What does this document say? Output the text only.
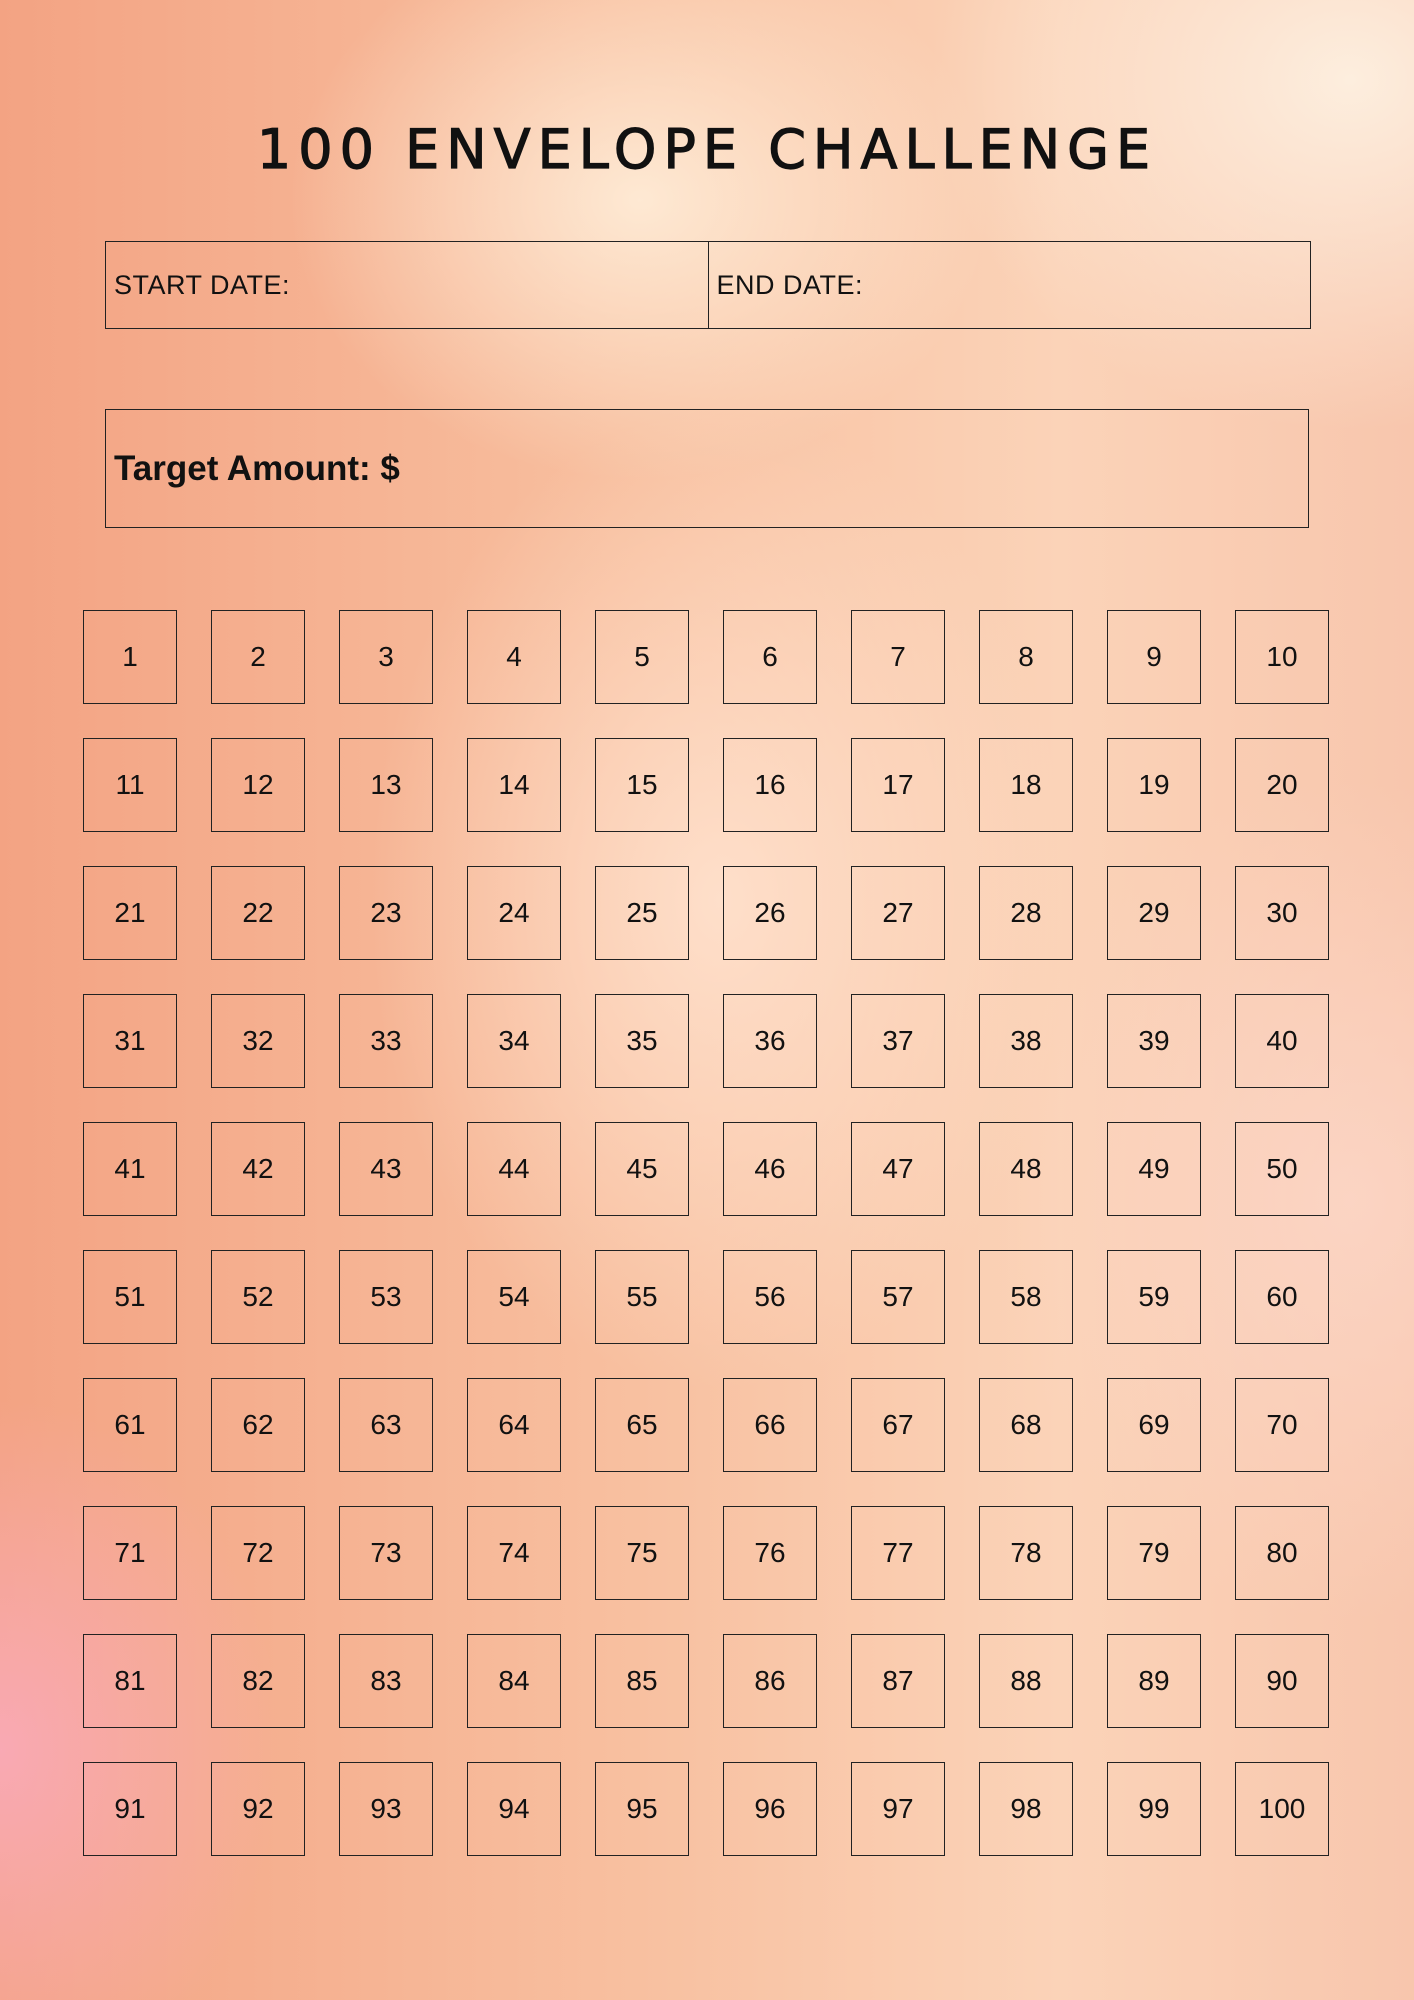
100 ENVELOPE CHALLENGE
START DATE:	END DATE:
Target Amount: $
1	2	3	4	5	6	7	8	9	10
11	12	13	14	15	16	17	18	19	20
21	22	23	24	25	26	27	28	29	30
31	32	33	34	35	36	37	38	39	40
41	42	43	44	45	46	47	48	49	50
51	52	53	54	55	56	57	58	59	60
61	62	63	64	65	66	67	68	69	70
71	72	73	74	75	76	77	78	79	80
81	82	83	84	85	86	87	88	89	90
91	92	93	94	95	96	97	98	99	100
